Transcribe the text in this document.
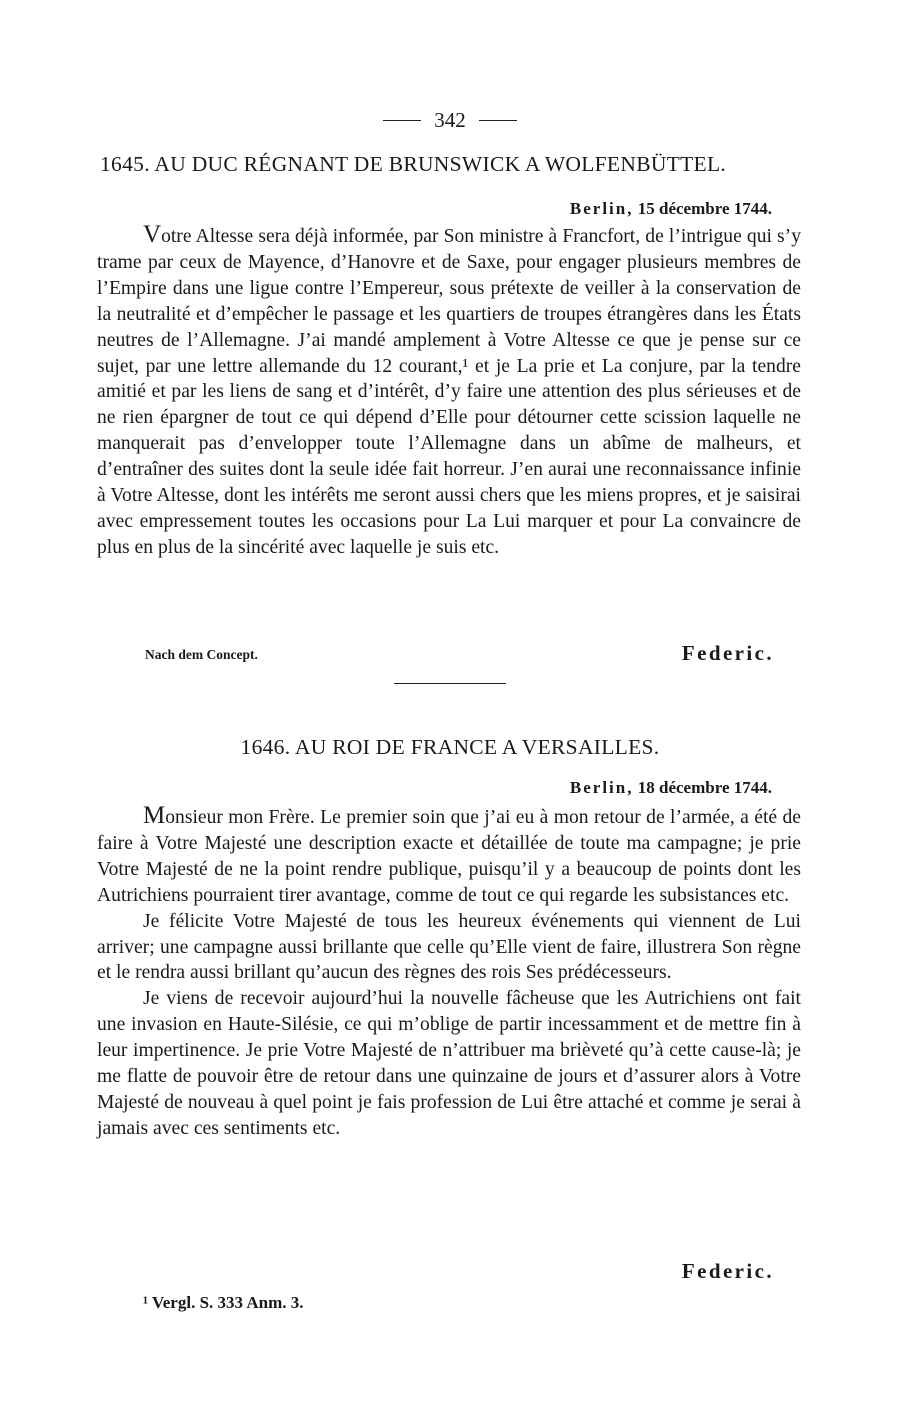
342
1645. AU DUC RÉGNANT DE BRUNSWICK A WOLFENBÜTTEL.
Berlin, 15 décembre 1744.

Votre Altesse sera déjà informée, par Son ministre à Francfort, de l’intrigue qui s’y trame par ceux de Mayence, d’Hanovre et de Saxe, pour engager plusieurs membres de l’Empire dans une ligue contre l’Empereur, sous prétexte de veiller à la conservation de la neutralité et d’empêcher le passage et les quartiers de troupes étrangères dans les États neutres de l’Allemagne. J’ai mandé amplement à Votre Altesse ce que je pense sur ce sujet, par une lettre allemande du 12 courant,¹ et je La prie et La conjure, par la tendre amitié et par les liens de sang et d’intérêt, d’y faire une attention des plus sérieuses et de ne rien épargner de tout ce qui dépend d’Elle pour détourner cette scission laquelle ne manquerait pas d’envelopper toute l’Allemagne dans un abîme de malheurs, et d’entraîner des suites dont la seule idée fait horreur. J’en aurai une reconnaissance infinie à Votre Altesse, dont les intérêts me seront aussi chers que les miens propres, et je saisirai avec empressement toutes les occasions pour La Lui marquer et pour La convaincre de plus en plus de la sincérité avec laquelle je suis etc.

Nach dem Concept.	Federic.
1646. AU ROI DE FRANCE A VERSAILLES.
Berlin, 18 décembre 1744.

Monsieur mon Frère. Le premier soin que j’ai eu à mon retour de l’armée, a été de faire à Votre Majesté une description exacte et détaillée de toute ma campagne; je prie Votre Majesté de ne la point rendre publique, puisqu’il y a beaucoup de points dont les Autrichiens pourraient tirer avantage, comme de tout ce qui regarde les subsistances etc.

Je félicite Votre Majesté de tous les heureux événements qui viennent de Lui arriver; une campagne aussi brillante que celle qu’Elle vient de faire, illustrera Son règne et le rendra aussi brillant qu’aucun des règnes des rois Ses prédécesseurs.

Je viens de recevoir aujourd’hui la nouvelle fâcheuse que les Autrichiens ont fait une invasion en Haute-Silésie, ce qui m’oblige de partir incessamment et de mettre fin à leur impertinence. Je prie Votre Majesté de n’attribuer ma brièveté qu’à cette cause-là; je me flatte de pouvoir être de retour dans une quinzaine de jours et d’assurer alors à Votre Majesté de nouveau à quel point je fais profession de Lui être attaché et comme je serai à jamais avec ces sentiments etc.

Federic.
¹ Vergl. S. 333 Anm. 3.
